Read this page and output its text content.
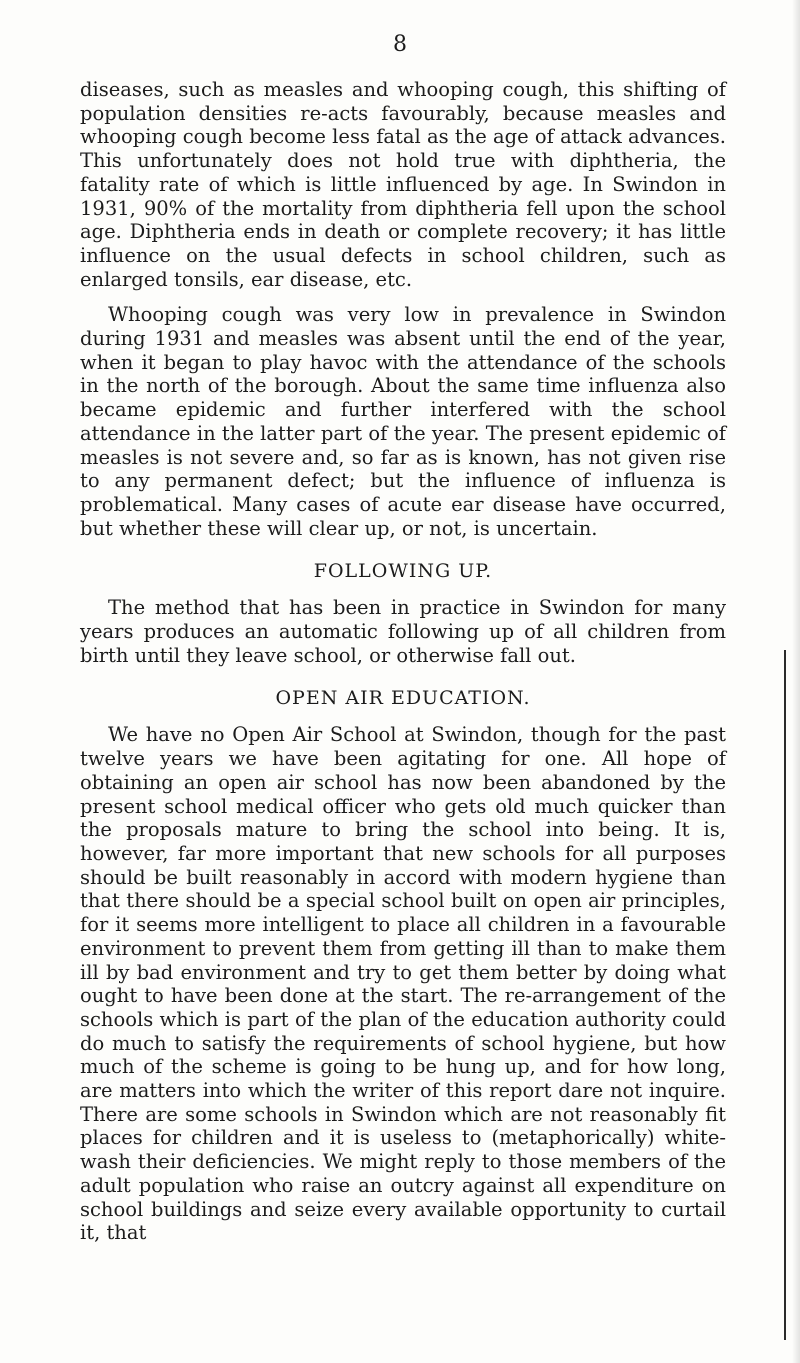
8

diseases, such as measles and whooping cough, this shifting of population densities re-acts favourably, because measles and whooping cough become less fatal as the age of attack advances. This unfortunately does not hold true with diphtheria, the fatality rate of which is little influenced by age. In Swindon in 1931, 90% of the mortality from diphtheria fell upon the school age. Diphtheria ends in death or complete recovery; it has little influence on the usual defects in school children, such as enlarged tonsils, ear disease, etc.

Whooping cough was very low in prevalence in Swindon during 1931 and measles was absent until the end of the year, when it began to play havoc with the attendance of the schools in the north of the borough. About the same time influenza also became epidemic and further interfered with the school attendance in the latter part of the year. The present epidemic of measles is not severe and, so far as is known, has not given rise to any permanent defect; but the influence of influenza is problematical. Many cases of acute ear disease have occurred, but whether these will clear up, or not, is uncertain.

FOLLOWING UP.

The method that has been in practice in Swindon for many years produces an automatic following up of all children from birth until they leave school, or otherwise fall out.

OPEN AIR EDUCATION.

We have no Open Air School at Swindon, though for the past twelve years we have been agitating for one. All hope of obtaining an open air school has now been abandoned by the present school medical officer who gets old much quicker than the proposals mature to bring the school into being. It is, however, far more important that new schools for all purposes should be built reasonably in accord with modern hygiene than that there should be a special school built on open air principles, for it seems more intelligent to place all children in a favourable environment to prevent them from getting ill than to make them ill by bad environment and try to get them better by doing what ought to have been done at the start. The re-arrangement of the schools which is part of the plan of the education authority could do much to satisfy the requirements of school hygiene, but how much of the scheme is going to be hung up, and for how long, are matters into which the writer of this report dare not inquire. There are some schools in Swindon which are not reasonably fit places for children and it is useless to (metaphorically) white-wash their deficiencies. We might reply to those members of the adult population who raise an outcry against all expenditure on school buildings and seize every available opportunity to curtail it, that
